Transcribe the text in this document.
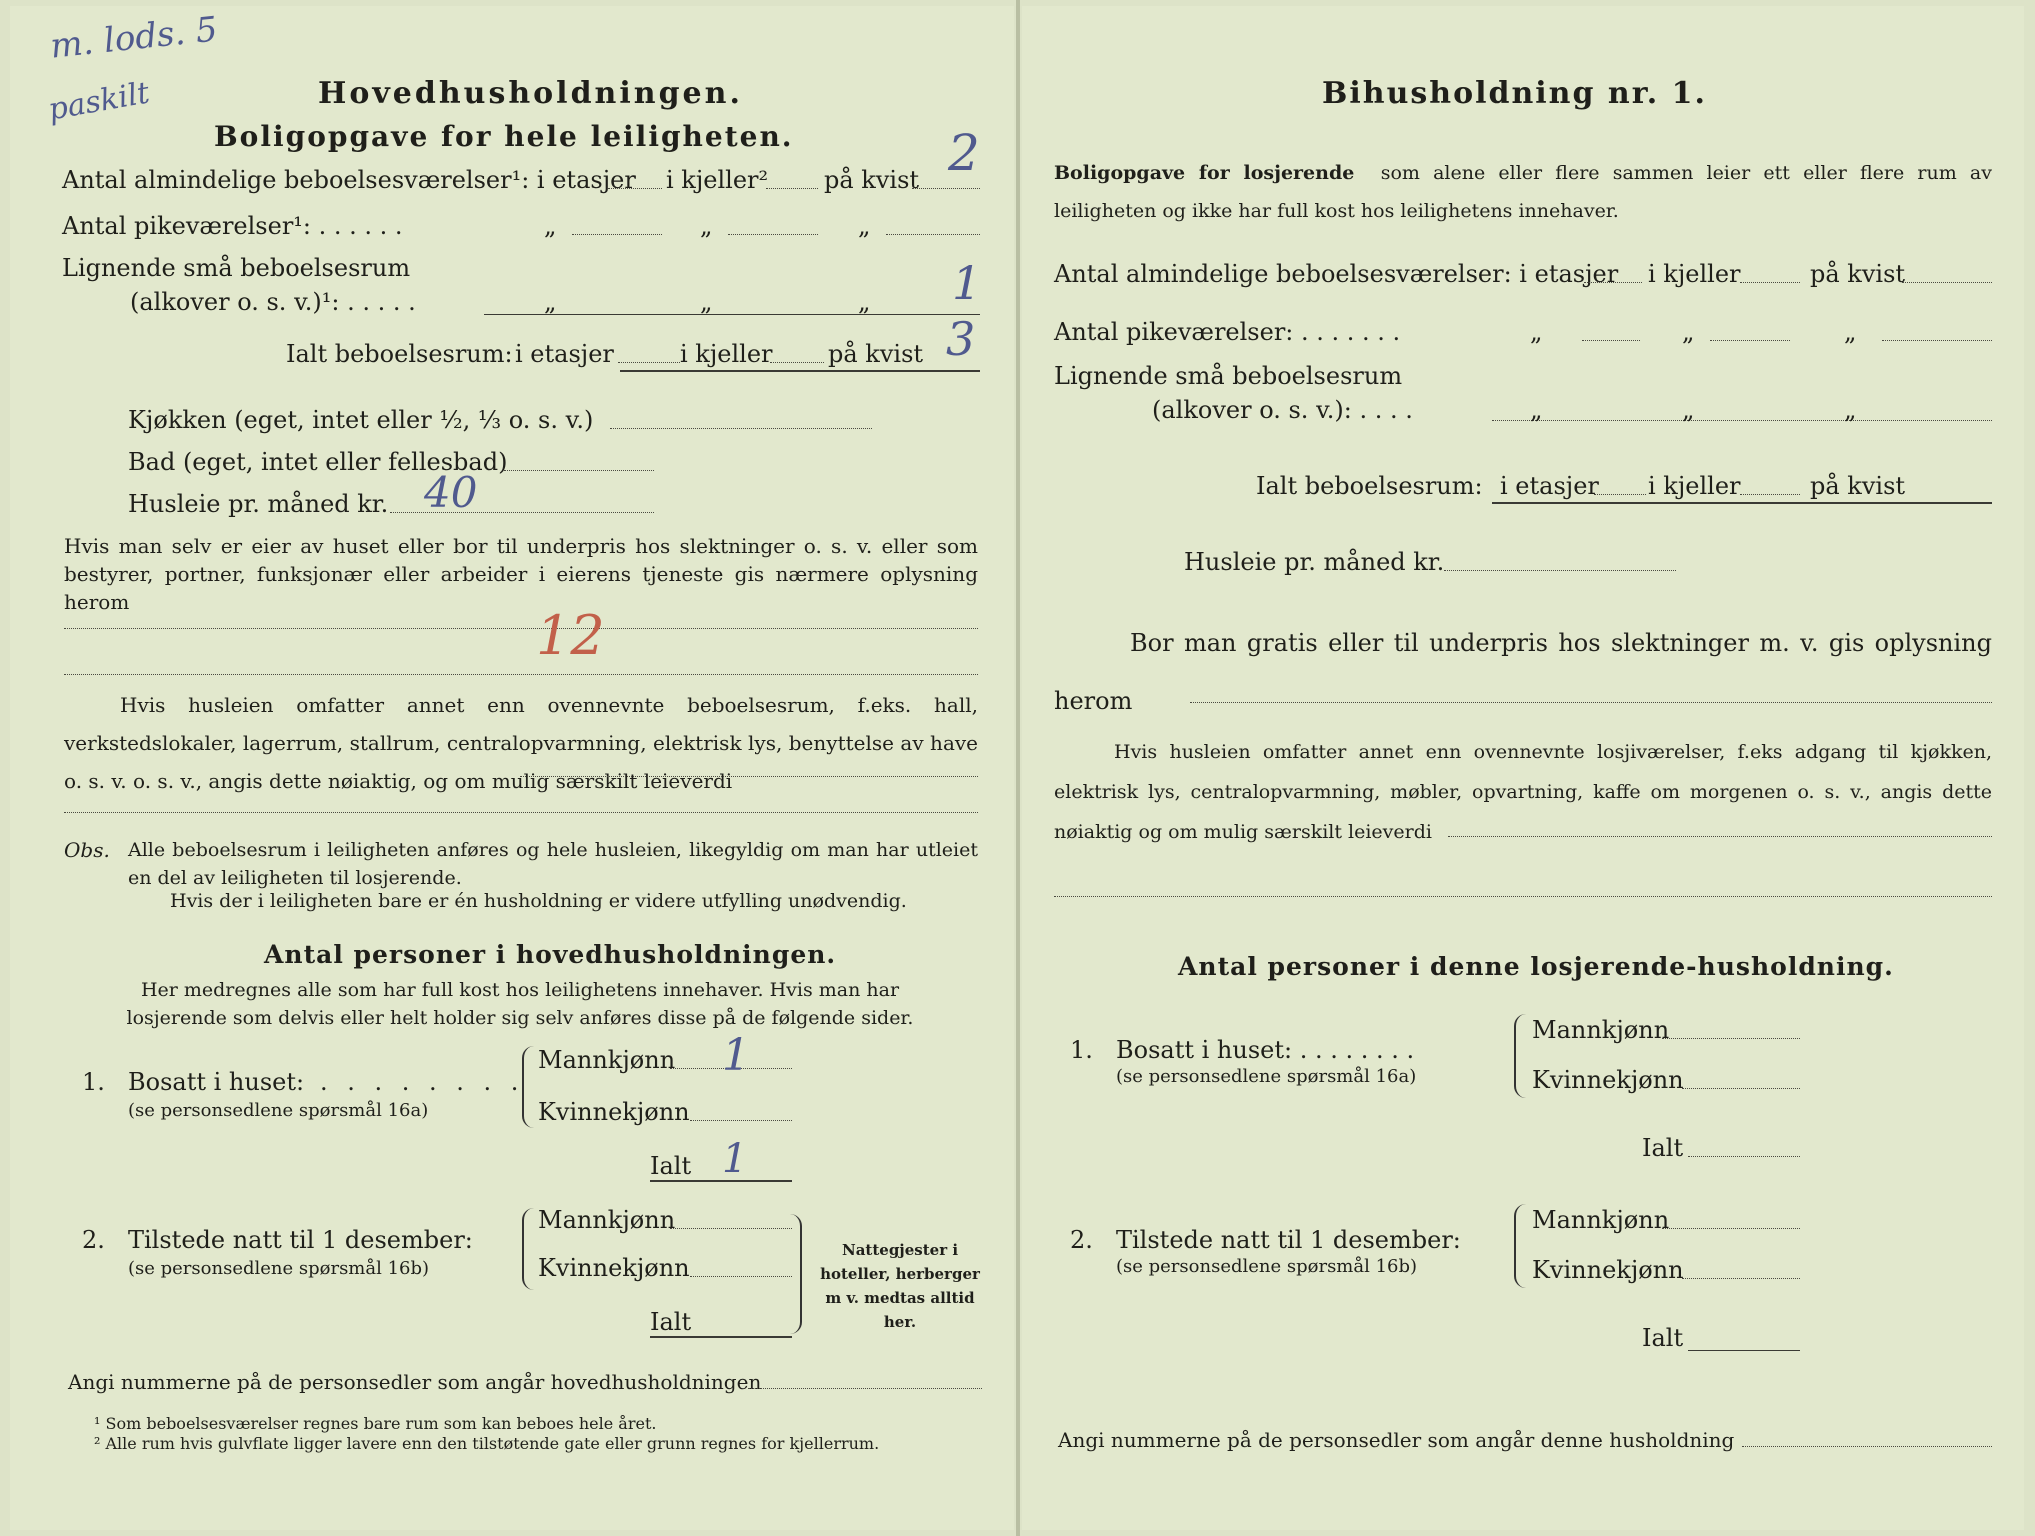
m. lods. 5
paskilt	Hovedhusholdningen.
Boligopgave for hele leiligheten.
Antal almindelige beboelsesværelser¹: i etasjer i kjeller² på kvist 2
Antal pikeværelser¹: . . . . . .	„	„	„
Lignende små beboelsesrum
(alkover o. s. v.)¹: . . . . .	„	„	„ 1
Ialt beboelsesrum: i etasjer	i kjeller på kvist 3
Kjøkken (eget, intet eller ½, ⅓ o. s. v.)
Bad (eget, intet eller fellesbad)
Husleie pr. måned kr. 40
Hvis man selv er eier av huset eller bor til underpris hos slektninger o. s. v. eller som bestyrer, portner, funksjonær eller arbeider i eierens tjeneste gis nærmere oplysning herom
12
Hvis husleien omfatter annet enn ovennevnte beboelsesrum, f.eks. hall, verkstedslokaler, lagerrum, stallrum, centralopvarmning, elektrisk lys, benyttelse av have o. s. v. o. s. v., angis dette nøiaktig, og om mulig særskilt leieverdi
Obs. Alle beboelsesrum i leiligheten anføres og hele husleien, likegyldig om man har utleiet en del av leiligheten til losjerende.
Hvis der i leiligheten bare er én husholdning er videre utfylling unødvendig.
Antal personer i hovedhusholdningen.
Her medregnes alle som har full kost hos leilighetens innehaver. Hvis man har losjerende som delvis eller helt holder sig selv anføres disse på de følgende sider.
1. Bosatt i huset: . . . . . . . .
(se personsedlene spørsmål 16a)
Mannkjønn 1
Kvinnekjønn
Ialt 1
2. Tilstede natt til 1 desember:
(se personsedlene spørsmål 16b)
Mannkjønn
Kvinnekjønn
Ialt
Nattegjester i hoteller, herberger m v. medtas alltid her.
Angi nummerne på de personsedler som angår hovedhusholdningen
¹ Som beboelsesværelser regnes bare rum som kan beboes hele året.
² Alle rum hvis gulvflate ligger lavere enn den tilstøtende gate eller grunn regnes for kjellerrum.
Bihusholdning nr. 1.
Boligopgave for losjerende som alene eller flere sammen leier ett eller flere rum av leiligheten og ikke har full kost hos leilighetens innehaver.
Antal almindelige beboelsesværelser: i etasjer i kjeller	på kvist
Antal pikeværelser: . . . . . . .	„	„	„
Lignende små beboelsesrum
(alkover o. s. v.): . . . .	„	„	„
Ialt beboelsesrum: i etasjer i kjeller	på kvist
Husleie pr. måned kr.
Bor man gratis eller til underpris hos slektninger m. v. gis oplysning herom
Hvis husleien omfatter annet enn ovennevnte losjiværelser, f.eks adgang til kjøkken, elektrisk lys, centralopvarmning, møbler, opvartning, kaffe om morgenen o. s. v., angis dette nøiaktig og om mulig særskilt leieverdi
Antal personer i denne losjerende-husholdning.
1. Bosatt i huset: . . . . . . . .
(se personsedlene spørsmål 16a)
Mannkjønn
Kvinnekjønn
Ialt
2. Tilstede natt til 1 desember:
(se personsedlene spørsmål 16b)
Mannkjønn
Kvinnekjønn
Ialt
Angi nummerne på de personsedler som angår denne husholdning
